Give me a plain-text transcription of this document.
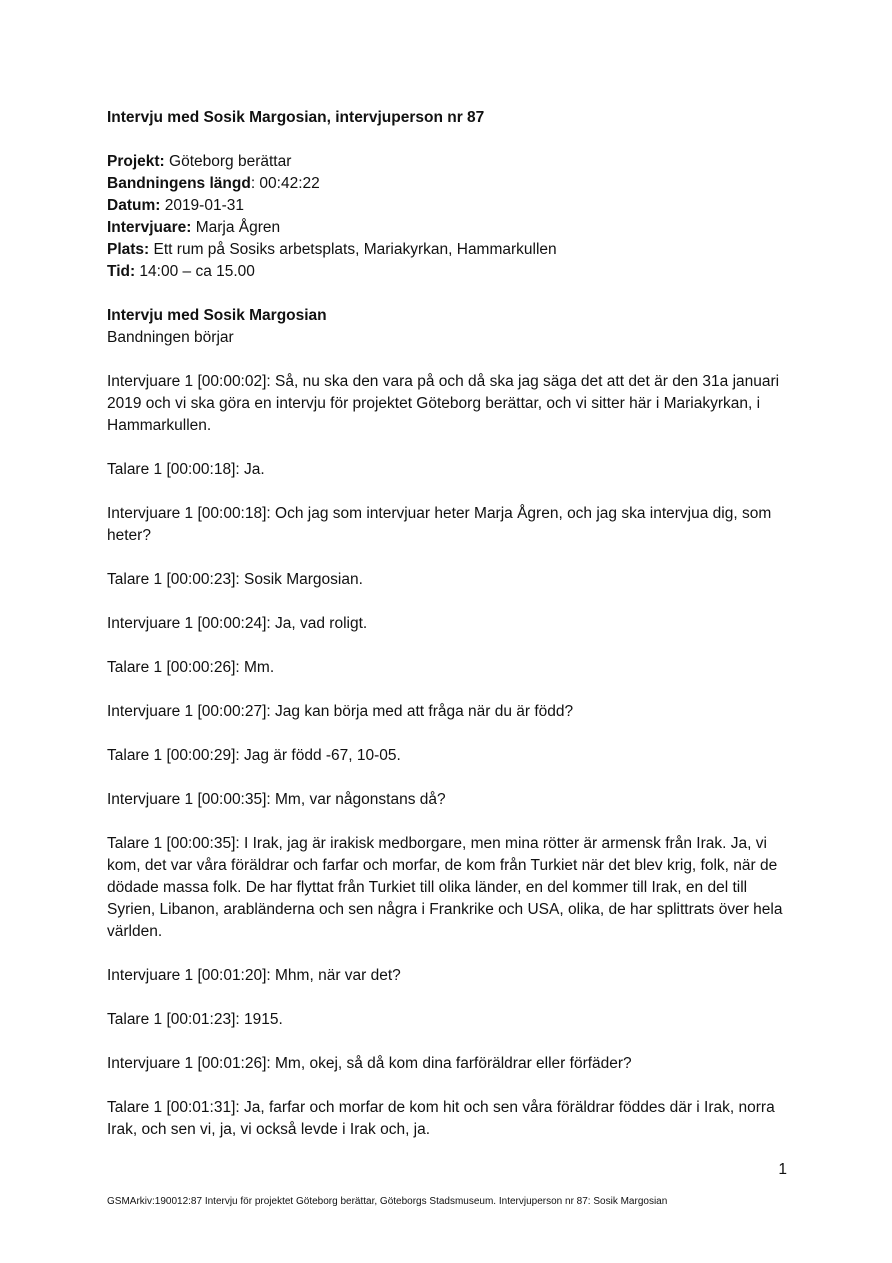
Intervju med Sosik Margosian, intervjuperson nr 87

Projekt: Göteborg berättar

Bandningens längd: 00:42:22

Datum: 2019-01-31

Intervjuare: Marja Ågren

Plats: Ett rum på Sosiks arbetsplats, Mariakyrkan, Hammarkullen

Tid: 14:00 – ca 15.00

Intervju med Sosik Margosian

Bandningen börjar

Intervjuare 1 [00:00:02]: Så, nu ska den vara på och då ska jag säga det att det är den 31a januari 2019 och vi ska göra en intervju för projektet Göteborg berättar, och vi sitter här i Mariakyrkan, i Hammarkullen.

Talare 1 [00:00:18]: Ja.

Intervjuare 1 [00:00:18]: Och jag som intervjuar heter Marja Ågren, och jag ska intervjua dig, som heter?

Talare 1 [00:00:23]: Sosik Margosian.

Intervjuare 1 [00:00:24]: Ja, vad roligt.

Talare 1 [00:00:26]: Mm.

Intervjuare 1 [00:00:27]: Jag kan börja med att fråga när du är född?

Talare 1 [00:00:29]: Jag är född -67, 10-05.

Intervjuare 1 [00:00:35]: Mm, var någonstans då?

Talare 1 [00:00:35]: I Irak, jag är irakisk medborgare, men mina rötter är armensk från Irak. Ja, vi kom, det var våra föräldrar och farfar och morfar, de kom från Turkiet när det blev krig, folk, när de dödade massa folk. De har flyttat från Turkiet till olika länder, en del kommer till Irak, en del till Syrien, Libanon, arabländerna och sen några i Frankrike och USA, olika, de har splittrats över hela världen.

Intervjuare 1 [00:01:20]: Mhm, när var det?

Talare 1 [00:01:23]: 1915.

Intervjuare 1 [00:01:26]: Mm, okej, så då kom dina farföräldrar eller förfäder?

Talare 1 [00:01:31]: Ja, farfar och morfar de kom hit och sen våra föräldrar föddes där i Irak, norra Irak, och sen vi, ja, vi också levde i Irak och, ja.

1
GSMArkiv:190012:87 Intervju för projektet Göteborg berättar, Göteborgs Stadsmuseum. Intervjuperson nr 87: Sosik Margosian
